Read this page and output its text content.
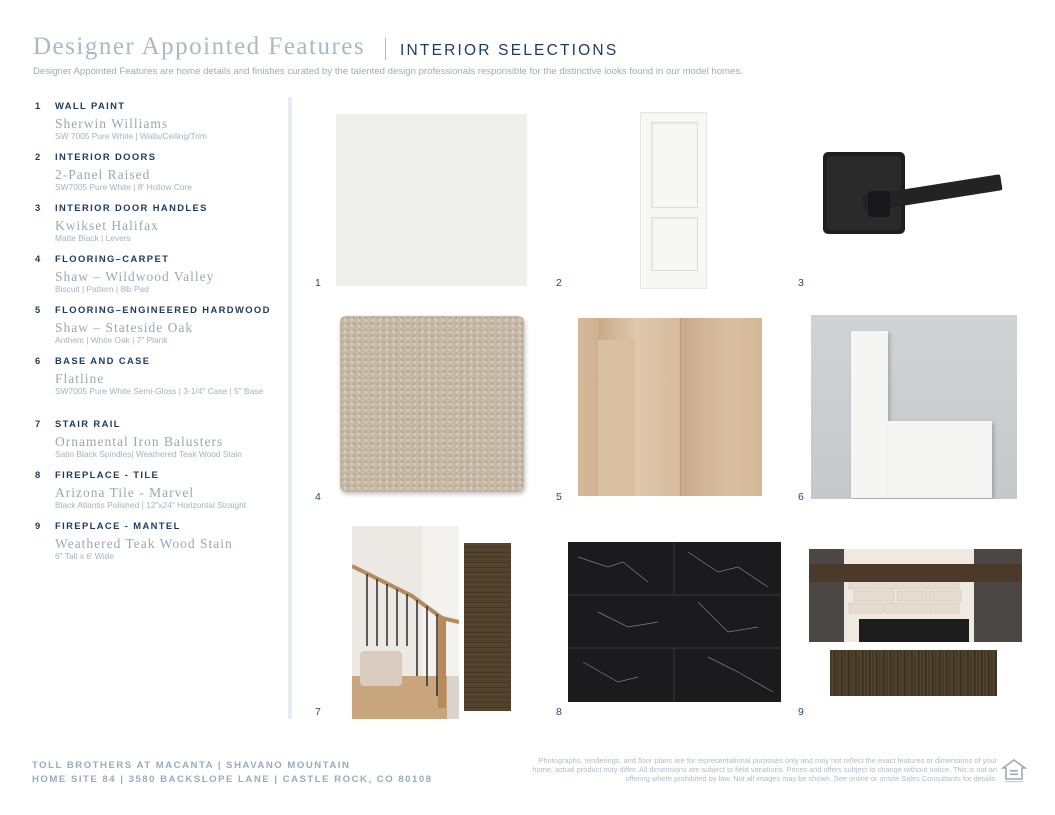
Designer Appointed Features INTERIOR SELECTIONS
Designer Appointed Features are home details and finishes curated by the talented design professionals responsible for the distinctive looks found in our model homes.
1 WALL PAINT
Sherwin Williams
SW 7005 Pure White | Walls/Ceiling/Trim
2 INTERIOR DOORS
2-Panel Raised
SW7005 Pure White | 8' Hollow Core
3 INTERIOR DOOR HANDLES
Kwikset Halifax
Matte Black | Levers
4 FLOORING–CARPET
Shaw – Wildwood Valley
Biscuit | Pattern | 8lb Pad
5 FLOORING–ENGINEERED HARDWOOD
Shaw – Stateside Oak
Anthem | White Oak | 7" Plank
6 BASE AND CASE
Flatline
SW7005 Pure White Semi-Gloss | 3-1/4" Case | 5" Base
7 STAIR RAIL
Ornamental Iron Balusters
Satin Black Spindles| Weathered Teak Wood Stain
8 FIREPLACE - TILE
Arizona Tile - Marvel
Black Atlantis Polished | 12"x24" Horizontal Straight
9 FIREPLACE - MANTEL
Weathered Teak Wood Stain
6" Tall x 6' Wide
1	2	3
4	5	6
7	8	9
TOLL BROTHERS AT MACANTA | SHAVANO MOUNTAIN
HOME SITE 84 | 3580 BACKSLOPE LANE | CASTLE ROCK, CO 80108
Photographs, renderings, and floor plans are for representational purposes only and may not reflect the exact features or dimensions of your home; actual product may differ. All dimensions are subject to field variations. Prices and offers subject to change without notice. This is not an offering where prohibited by law. Not all images may be shown. See online or onsite Sales Consultants for details.
